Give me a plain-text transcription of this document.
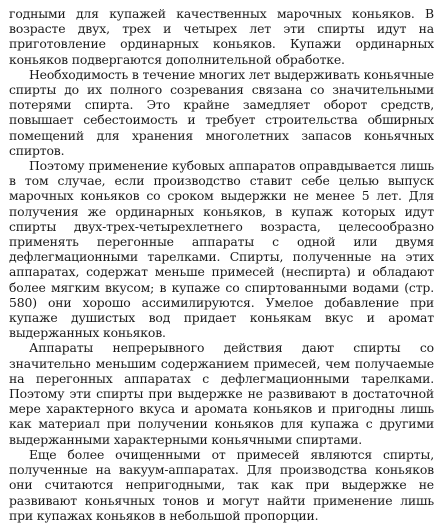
годными для купажей качественных марочных коньяков. В возрасте двух, трех и четырех лет эти спирты идут на приготовление ординарных коньяков. Купажи ординарных коньяков подвергаются дополнительной обработке.

Необходимость в течение многих лет выдерживать коньячные спирты до их полного созревания связана со значительными потерями спирта. Это крайне замедляет оборот средств, повышает себестоимость и требует строительства обширных помещений для хранения многолетних запасов коньячных спиртов.

Поэтому применение кубовых аппаратов оправдывается лишь в том случае, если производство ставит себе целью выпуск марочных коньяков со сроком выдержки не менее 5 лет. Для получения же ординарных коньяков, в купаж которых идут спирты двух-трех-четырехлетнего возраста, целесообразно применять перегонные аппараты с одной или двумя дефлегмационными тарелками. Спирты, полученные на этих аппаратах, содержат меньше примесей (неспирта) и обладают более мягким вкусом; в купаже со спиртованными водами (стр. 580) они хорошо ассимилируются. Умелое добавление при купаже душистых вод придает коньякам вкус и аромат выдержанных коньяков.

Аппараты непрерывного действия дают спирты со значительно меньшим содержанием примесей, чем получаемые на перегонных аппаратах с дефлегмационными тарелками. Поэтому эти спирты при выдержке не развивают в достаточной мере характерного вкуса и аромата коньяков и пригодны лишь как материал при получении коньяков для купажа с другими выдержанными характерными коньячными спиртами.

Еще более очищенными от примесей являются спирты, полученные на вакуум-аппаратах. Для производства коньяков они считаются непригодными, так как при выдержке не развивают коньячных тонов и могут найти применение лишь при купажах коньяков в небольшой пропорции.
